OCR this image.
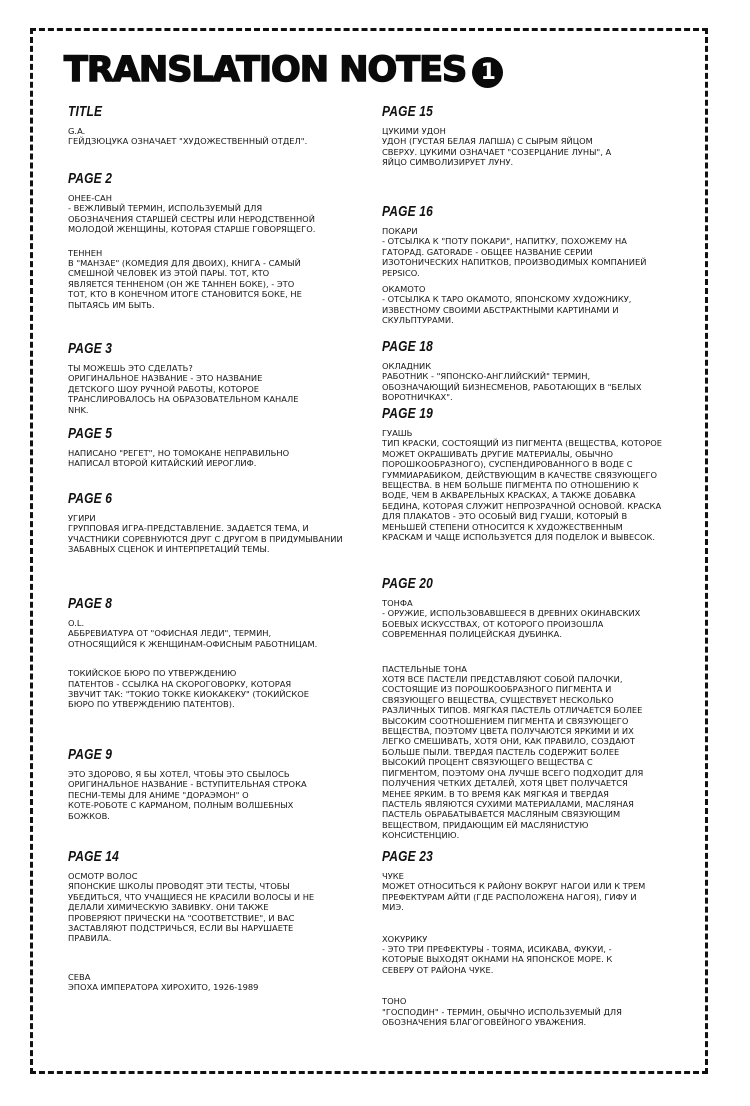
TRANSLATION NOTES 1
TITLE
G.A.
ГЕЙДЗЮЦУКА ОЗНАЧАЕТ "ХУДОЖЕСТВЕННЫЙ ОТДЕЛ".
PAGE 2
ОНЕЕ-САН
- ВЕЖЛИВЫЙ ТЕРМИН, ИСПОЛЬЗУЕМЫЙ ДЛЯ
ОБОЗНАЧЕНИЯ СТАРШЕЙ СЕСТРЫ ИЛИ НЕРОДСТВЕННОЙ
МОЛОДОЙ ЖЕНЩИНЫ, КОТОРАЯ СТАРШЕ ГОВОРЯЩЕГО.
ТЕННЕН
В "МАНЗАЕ" (КОМЕДИЯ ДЛЯ ДВОИХ), КНИГА - САМЫЙ
СМЕШНОЙ ЧЕЛОВЕК ИЗ ЭТОЙ ПАРЫ. ТОТ, КТО
ЯВЛЯЕТСЯ ТЕННЕНОМ (ОН ЖЕ ТАННЕН БОКЕ), - ЭТО
ТОТ, КТО В КОНЕЧНОМ ИТОГЕ СТАНОВИТСЯ БОКЕ, НЕ
ПЫТАЯСЬ ИМ БЫТЬ.
PAGE 3
ТЫ МОЖЕШЬ ЭТО СДЕЛАТЬ?
ОРИГИНАЛЬНОЕ НАЗВАНИЕ - ЭТО НАЗВАНИЕ
ДЕТСКОГО ШОУ РУЧНОЙ РАБОТЫ, КОТОРОЕ
ТРАНСЛИРОВАЛОСЬ НА ОБРАЗОВАТЕЛЬНОМ КАНАЛЕ
NHK.
PAGE 5
НАПИСАНО "РЕГЕТ", НО ТОМОКАНЕ НЕПРАВИЛЬНО
НАПИСАЛ ВТОРОЙ КИТАЙСКИЙ ИЕРОГЛИФ.
PAGE 6
УГИРИ
ГРУППОВАЯ ИГРА-ПРЕДСТАВЛЕНИЕ. ЗАДАЕТСЯ ТЕМА, И
УЧАСТНИКИ СОРЕВНУЮТСЯ ДРУГ С ДРУГОМ В ПРИДУМЫВАНИИ
ЗАБАВНЫХ СЦЕНОК И ИНТЕРПРЕТАЦИЙ ТЕМЫ.
PAGE 8
O.L.
АББРЕВИАТУРА ОТ "ОФИСНАЯ ЛЕДИ", ТЕРМИН,
ОТНОСЯЩИЙСЯ К ЖЕНЩИНАМ-ОФИСНЫМ РАБОТНИЦАМ.
ТОКИЙСКОЕ БЮРО ПО УТВЕРЖДЕНИЮ
ПАТЕНТОВ - ССЫЛКА НА СКОРОГОВОРКУ, КОТОРАЯ
ЗВУЧИТ ТАК: "ТОКИО ТОККЕ КИОКАКЕКУ" (ТОКИЙСКОЕ
БЮРО ПО УТВЕРЖДЕНИЮ ПАТЕНТОВ).
PAGE 9
ЭТО ЗДОРОВО, Я БЫ ХОТЕЛ, ЧТОБЫ ЭТО СБЫЛОСЬ
ОРИГИНАЛЬНОЕ НАЗВАНИЕ - ВСТУПИТЕЛЬНАЯ СТРОКА
ПЕСНИ-ТЕМЫ ДЛЯ АНИМЕ "ДОРАЭМОН" О
КОТЕ-РОБОТЕ С КАРМАНОМ, ПОЛНЫМ ВОЛШЕБНЫХ
БОЖКОВ.
PAGE 14
ОСМОТР ВОЛОС
ЯПОНСКИЕ ШКОЛЫ ПРОВОДЯТ ЭТИ ТЕСТЫ, ЧТОБЫ
УБЕДИТЬСЯ, ЧТО УЧАЩИЕСЯ НЕ КРАСИЛИ ВОЛОСЫ И НЕ
ДЕЛАЛИ ХИМИЧЕСКУЮ ЗАВИВКУ. ОНИ ТАКЖЕ
ПРОВЕРЯЮТ ПРИЧЕСКИ НА "СООТВЕТСТВИЕ", И ВАС
ЗАСТАВЛЯЮТ ПОДСТРИЧЬСЯ, ЕСЛИ ВЫ НАРУШАЕТЕ
ПРАВИЛА.
СЕВА
ЭПОХА ИМПЕРАТОРА ХИРОХИТО, 1926-1989
PAGE 15
ЦУКИМИ УДОН
УДОН (ГУСТАЯ БЕЛАЯ ЛАПША) С СЫРЫМ ЯЙЦОМ
СВЕРХУ. ЦУКИМИ ОЗНАЧАЕТ "СОЗЕРЦАНИЕ ЛУНЫ", А
ЯЙЦО СИМВОЛИЗИРУЕТ ЛУНУ.
PAGE 16
ПОКАРИ
- ОТСЫЛКА К "ПОТУ ПОКАРИ", НАПИТКУ, ПОХОЖЕМУ НА
ГАТОРАД. GATORADE - ОБЩЕЕ НАЗВАНИЕ СЕРИИ
ИЗОТОНИЧЕСКИХ НАПИТКОВ, ПРОИЗВОДИМЫХ КОМПАНИЕЙ
PEPSICO.
ОКАМОТО
- ОТСЫЛКА К ТАРО ОКАМОТО, ЯПОНСКОМУ ХУДОЖНИКУ,
ИЗВЕСТНОМУ СВОИМИ АБСТРАКТНЫМИ КАРТИНАМИ И
СКУЛЬПТУРАМИ.
PAGE 18
ОКЛАДНИК
РАБОТНИК - "ЯПОНСКО-АНГЛИЙСКИЙ" ТЕРМИН,
ОБОЗНАЧАЮЩИЙ БИЗНЕСМЕНОВ, РАБОТАЮЩИХ В "БЕЛЫХ
ВОРОТНИЧКАХ".
PAGE 19
ГУАШЬ
ТИП КРАСКИ, СОСТОЯЩИЙ ИЗ ПИГМЕНТА (ВЕЩЕСТВА, КОТОРОЕ
МОЖЕТ ОКРАШИВАТЬ ДРУГИЕ МАТЕРИАЛЫ, ОБЫЧНО
ПОРОШКООБРАЗНОГО), СУСПЕНДИРОВАННОГО В ВОДЕ С
ГУММИАРАБИКОМ, ДЕЙСТВУЮЩИМ В КАЧЕСТВЕ СВЯЗУЮЩЕГО
ВЕЩЕСТВА. В НЕМ БОЛЬШЕ ПИГМЕНТА ПО ОТНОШЕНИЮ К
ВОДЕ, ЧЕМ В АКВАРЕЛЬНЫХ КРАСКАХ, А ТАКЖЕ ДОБАВКА
БЕДИНА, КОТОРАЯ СЛУЖИТ НЕПРОЗРАЧНОЙ ОСНОВОЙ. КРАСКА
ДЛЯ ПЛАКАТОВ - ЭТО ОСОБЫЙ ВИД ГУАШИ, КОТОРЫЙ В
МЕНЬШЕЙ СТЕПЕНИ ОТНОСИТСЯ К ХУДОЖЕСТВЕННЫМ
КРАСКАМ И ЧАЩЕ ИСПОЛЬЗУЕТСЯ ДЛЯ ПОДЕЛОК И ВЫВЕСОК.
PAGE 20
ТОНФА
- ОРУЖИЕ, ИСПОЛЬЗОВАВШЕЕСЯ В ДРЕВНИХ ОКИНАВСКИХ
БОЕВЫХ ИСКУССТВАХ, ОТ КОТОРОГО ПРОИЗОШЛА
СОВРЕМЕННАЯ ПОЛИЦЕЙСКАЯ ДУБИНКА.
ПАСТЕЛЬНЫЕ ТОНА
ХОТЯ ВСЕ ПАСТЕЛИ ПРЕДСТАВЛЯЮТ СОБОЙ ПАЛОЧКИ,
СОСТОЯЩИЕ ИЗ ПОРОШКООБРАЗНОГО ПИГМЕНТА И
СВЯЗУЮЩЕГО ВЕЩЕСТВА, СУЩЕСТВУЕТ НЕСКОЛЬКО
РАЗЛИЧНЫХ ТИПОВ. МЯГКАЯ ПАСТЕЛЬ ОТЛИЧАЕТСЯ БОЛЕЕ
ВЫСОКИМ СООТНОШЕНИЕМ ПИГМЕНТА И СВЯЗУЮЩЕГО
ВЕЩЕСТВА, ПОЭТОМУ ЦВЕТА ПОЛУЧАЮТСЯ ЯРКИМИ И ИХ
ЛЕГКО СМЕШИВАТЬ, ХОТЯ ОНИ, КАК ПРАВИЛО, СОЗДАЮТ
БОЛЬШЕ ПЫЛИ. ТВЕРДАЯ ПАСТЕЛЬ СОДЕРЖИТ БОЛЕЕ
ВЫСОКИЙ ПРОЦЕНТ СВЯЗУЮЩЕГО ВЕЩЕСТВА С
ПИГМЕНТОМ, ПОЭТОМУ ОНА ЛУЧШЕ ВСЕГО ПОДХОДИТ ДЛЯ
ПОЛУЧЕНИЯ ЧЕТКИХ ДЕТАЛЕЙ, ХОТЯ ЦВЕТ ПОЛУЧАЕТСЯ
МЕНЕЕ ЯРКИМ. В ТО ВРЕМЯ КАК МЯГКАЯ И ТВЕРДАЯ
ПАСТЕЛЬ ЯВЛЯЮТСЯ СУХИМИ МАТЕРИАЛАМИ, МАСЛЯНАЯ
ПАСТЕЛЬ ОБРАБАТЫВАЕТСЯ МАСЛЯНЫМ СВЯЗУЮЩИМ
ВЕЩЕСТВОМ, ПРИДАЮЩИМ ЕЙ МАСЛЯНИСТУЮ
КОНСИСТЕНЦИЮ.
PAGE 23
ЧУКЕ
МОЖЕТ ОТНОСИТЬСЯ К РАЙОНУ ВОКРУГ НАГОИ ИЛИ К ТРЕМ
ПРЕФЕКТУРАМ АЙТИ (ГДЕ РАСПОЛОЖЕНА НАГОЯ), ГИФУ И
МИЭ.
ХОКУРИКУ
- ЭТО ТРИ ПРЕФЕКТУРЫ - ТОЯМА, ИСИКАВА, ФУКУИ, -
КОТОРЫЕ ВЫХОДЯТ ОКНАМИ НА ЯПОНСКОЕ МОРЕ. К
СЕВЕРУ ОТ РАЙОНА ЧУКЕ.
ТОНО
"ГОСПОДИН" - ТЕРМИН, ОБЫЧНО ИСПОЛЬЗУЕМЫЙ ДЛЯ
ОБОЗНАЧЕНИЯ БЛАГОГОВЕЙНОГО УВАЖЕНИЯ.
